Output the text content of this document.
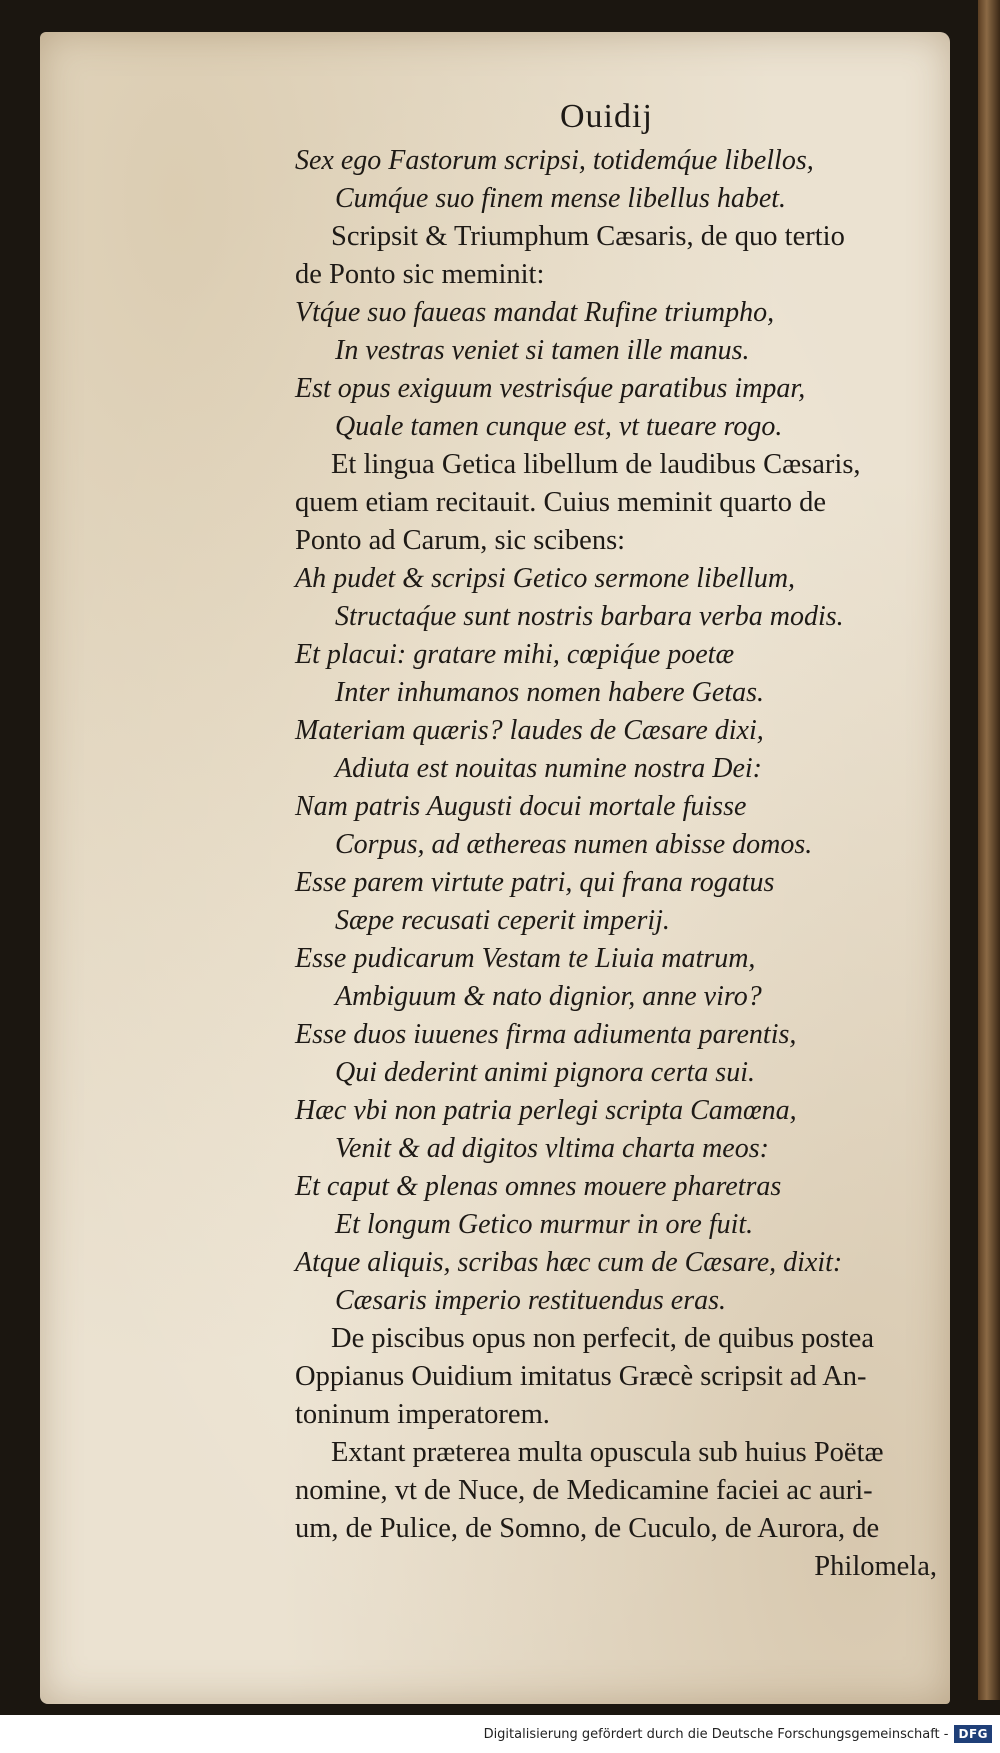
Ouidij
Sex ego Fastorum scripsi, totidemq́ue libellos,
Cumq́ue suo finem mense libellus habet.
Scripsit & Triumphum Cæsaris, de quo tertio
de Ponto sic meminit:
Vtq́ue suo faueas mandat Rufine triumpho,
In vestras veniet si tamen ille manus.
Est opus exiguum vestrisq́ue paratibus impar,
Quale tamen cunque est, vt tueare rogo.
Et lingua Getica libellum de laudibus Cæsaris,
quem etiam recitauit. Cuius meminit quarto de
Ponto ad Carum, sic scibens:
Ah pudet & scripsi Getico sermone libellum,
Structaq́ue sunt nostris barbara verba modis.
Et placui: gratare mihi, cœpiq́ue poetæ
Inter inhumanos nomen habere Getas.
Materiam quæris? laudes de Cæsare dixi,
Adiuta est nouitas numine nostra Dei:
Nam patris Augusti docui mortale fuisse
Corpus, ad æthereas numen abisse domos.
Esse parem virtute patri, qui frana rogatus
Sæpe recusati ceperit imperij.
Esse pudicarum Vestam te Liuia matrum,
Ambiguum & nato dignior, anne viro?
Esse duos iuuenes firma adiumenta parentis,
Qui dederint animi pignora certa sui.
Hæc vbi non patria perlegi scripta Camœna,
Venit & ad digitos vltima charta meos:
Et caput & plenas omnes mouere pharetras
Et longum Getico murmur in ore fuit.
Atque aliquis, scribas hæc cum de Cæsare, dixit:
Cæsaris imperio restituendus eras.
De piscibus opus non perfecit, de quibus postea
Oppianus Ouidium imitatus Græcè scripsit ad An-
toninum imperatorem.
Extant præterea multa opuscula sub huius Poëtæ
nomine, vt de Nuce, de Medicamine faciei ac auri-
um, de Pulice, de Somno, de Cuculo, de Aurora, de
Philomela,
Digitalisierung gefördert durch die Deutsche Forschungsgemeinschaft - DFG
